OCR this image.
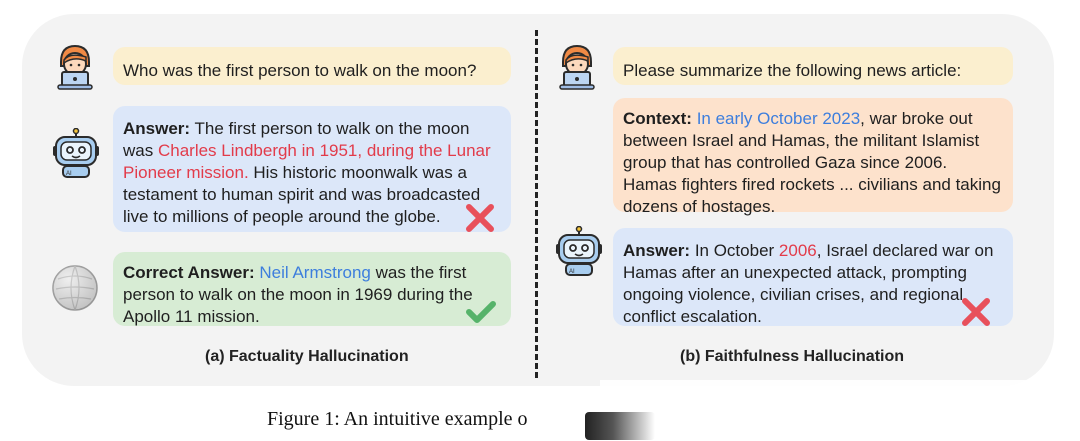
Who was the first person to walk on the moon?
AI
Answer: The first person to walk on the moon was Charles Lindbergh in 1951, during the Lunar Pioneer mission. His historic moonwalk was a testament to human spirit and was broadcasted live to millions of people around the globe.
Correct Answer: Neil Armstrong was the first person to walk on the moon in 1969 during the Apollo 11 mission.
(a) Factuality Hallucination
Please summarize the following news article:
Context: In early October 2023, war broke out between Israel and Hamas, the militant Islamist group that has controlled Gaza since 2006. Hamas fighters fired rockets ... civilians and taking dozens of hostages.
AI
Answer: In October 2006, Israel declared war on Hamas after an unexpected attack, prompting ongoing violence, civilian crises, and regional conflict escalation.
(b) Faithfulness Hallucination
Figure 1: An intuitive example o
